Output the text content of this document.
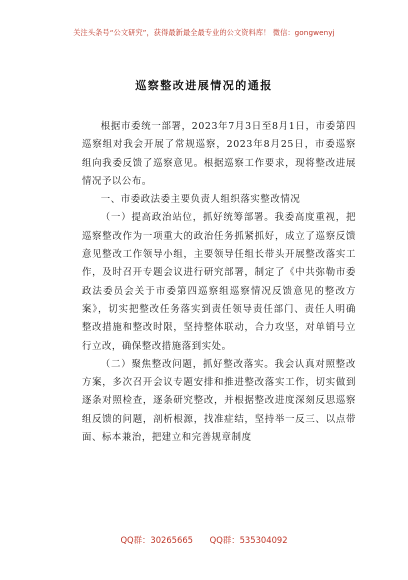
关注头条号“公文研究”，获得最新最全最专业的公文资料库！ 微信：gongwenyj
巡察整改进展情况的通报

根据市委统一部署，2023年7月3日至8月1日，市委第四巡察组对我会开展了常规巡察，2023年8月25日，市委巡察组向我委反馈了巡察意见。根据巡察工作要求，现将整改进展情况予以公布。

一、市委政法委主要负责人组织落实整改情况

（一）提高政治站位，抓好统筹部署。我委高度重视，把巡察整改作为一项重大的政治任务抓紧抓好，成立了巡察反馈意见整改工作领导小组，主要领导任组长带头开展整改落实工作，及时召开专题会议进行研究部署，制定了《中共弥勒市委政法委员会关于市委第四巡察组巡察情况反馈意见的整改方案》，切实把整改任务落实到责任领导责任部门、责任人明确整改措施和整改时限，坚持整体联动，合力攻坚，对单销号立行立改，确保整改措施落到实处。

（二）聚焦整改问题，抓好整改落实。我会认真对照整改方案，多次召开会议专题安排和推进整改落实工作，切实做到逐条对照检查，逐条研究整改，并根据整改进度深刻反思巡察组反馈的问题，剖析根源，找准症结，坚持举一反三、以点带面、标本兼治，把建立和完善规章制度

QQ群：30265665 QQ群：535304092
